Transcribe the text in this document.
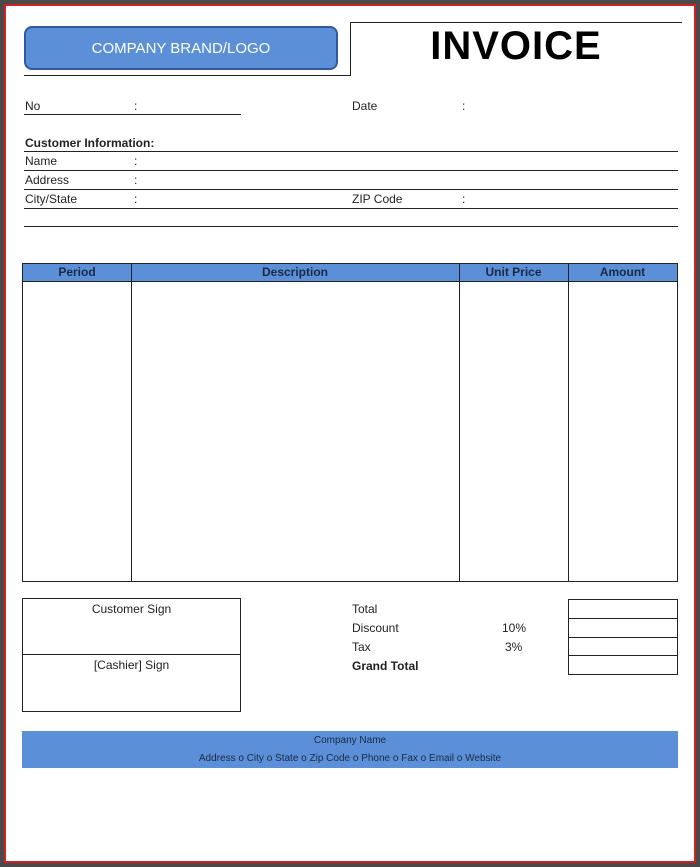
COMPANY BRAND/LOGO	INVOICE
No	:	Date	:
Customer Information:
Name	:
Address	:
City/State	:	ZIP Code	:
Period	Description	Unit Price	Amount
Customer Sign
[Cashier] Sign
Total
Discount	10%
Tax	3%
Grand Total
Company Name
Address o City o State o Zip Code o Phone o Fax o Email o Website
